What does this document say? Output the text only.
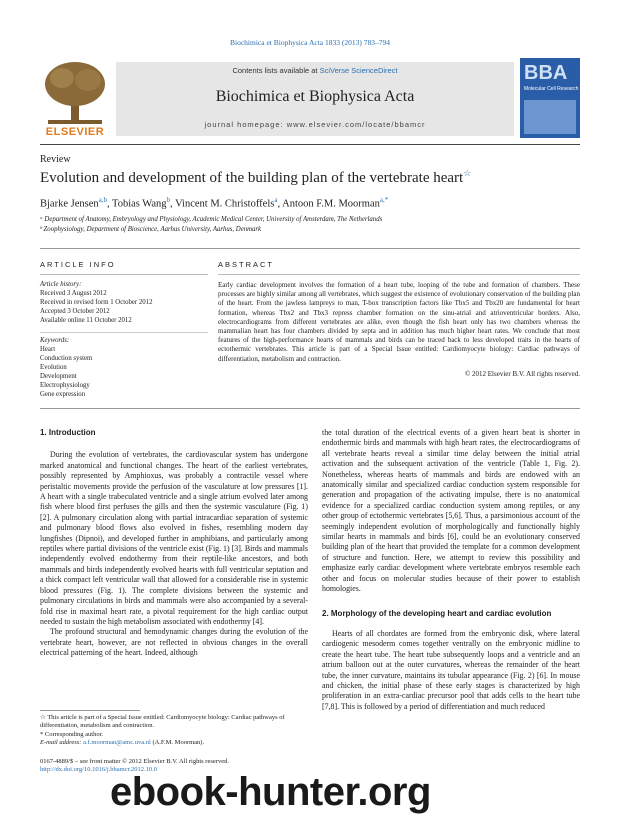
Biochimica et Biophysica Acta 1833 (2013) 783–794
ELSEVIER
Contents lists available at SciVerse ScienceDirect
Biochimica et Biophysica Acta
journal homepage: www.elsevier.com/locate/bbamcr
BBA
Molecular Cell Research
Review
Evolution and development of the building plan of the vertebrate heart☆
Bjarke Jensen$^{a,b}$, Tobias Wang$^b$, Vincent M. Christoffels$^a$, Antoon F.M. Moorman$^{a,*}$
ᵃ Department of Anatomy, Embryology and Physiology, Academic Medical Center, University of Amsterdam, The Netherlands
ᵇ Zoophysiology, Department of Bioscience, Aarhus University, Aarhus, Denmark
ARTICLE INFO	ABSTRACT
Article history:
Received 3 August 2012
Received in revised form 1 October 2012
Accepted 3 October 2012
Available online 11 October 2012
Keywords:
Heart
Conduction system
Evolution
Development
Electrophysiology
Gene expression
Early cardiac development involves the formation of a heart tube, looping of the tube and formation of chambers. These processes are highly similar among all vertebrates, which suggest the existence of evolutionary conservation of the building plan of the heart. From the jawless lampreys to man, T-box transcription factors like Tbx5 and Tbx20 are fundamental for heart formation, whereas Tbx2 and Tbx3 repress chamber formation on the sinu-atrial and atrioventricular borders. Also, electrocardiograms from different vertebrates are alike, even though the fish heart only has two chambers whereas the mammalian heart has four chambers divided by septa and in addition has much higher heart rates. We conclude that most features of the high-performance hearts of mammals and birds can be traced back to less developed traits in the hearts of ectothermic vertebrates. This article is part of a Special Issue entitled: Cardiomyocyte biology: Cardiac pathways of differentiation, metabolism and contraction.
© 2012 Elsevier B.V. All rights reserved.
1. Introduction

During the evolution of vertebrates, the cardiovascular system has undergone marked anatomical and functional changes. The heart of the earliest vertebrates, possibly represented by Amphioxus, was probably a contractile vessel where peristaltic movements provide the perfusion of the vasculature at low pressures [1]. A heart with a single trabeculated ventricle and a single atrium evolved later among fish where blood first perfuses the gills and then the systemic vasculature (Fig. 1) [2]. A pulmonary circulation along with partial intracardiac separation of systemic and pulmonary blood flows also evolved in fishes, resembling modern day lungfishes (Dipnoi), and developed further in amphibians, and particularly among reptiles where partial divisions of the ventricle exist (Fig. 1) [3]. Birds and mammals independently evolved endothermy from their reptile-like ancestors, and both mammals and birds independently evolved hearts with full ventricular septation and a thick compact left ventricular wall that allowed for a considerable rise in systemic blood pressures (Fig. 1). The complete divisions between the systemic and pulmonary circulations in birds and mammals were also accompanied by a several-fold rise in maximal heart rate, a pivotal requirement for the high cardiac output needed to sustain the high metabolism associated with endothermy [4].

The profound structural and hemodynamic changes during the evolution of the vertebrate heart, however, are not reflected in obvious changes in the overall electrical patterning of the heart. Indeed, although

the total duration of the electrical events of a given heart beat is shorter in endothermic birds and mammals with high heart rates, the electrocardiograms of all vertebrate hearts reveal a similar time delay between the initial atrial activation and the subsequent activation of the ventricle (Table 1, Fig. 2). Nonetheless, whereas hearts of mammals and birds are endowed with an anatomically similar and specialized cardiac conduction system responsible for generation and propagation of the activating impulse, there is no anatomical evidence for a specialized cardiac conduction system among reptiles, or any other group of ectothermic vertebrates [5,6]. Thus, a parsimonious account of the seemingly independent evolution of morphologically and functionally highly similar hearts in mammals and birds [6], could be an evolutionary conserved building plan of the heart that provided the template for a common development of structure and function. Here, we attempt to review this possibility and emphasize early cardiac development where vertebrate embryos resemble each other and focus on molecular studies because of their power to establish homologies.

2. Morphology of the developing heart and cardiac evolution

Hearts of all chordates are formed from the embryonic disk, where lateral cardiogenic mesoderm comes together ventrally on the embryonic midline to create the heart tube. The heart tube subsequently loops and a ventricle and an atrium balloon out at the outer curvatures, whereas the remainder of the heart tube, the inner curvature, maintains its tubular appearance (Fig. 2) [6]. In mouse and chicken, the initial phase of these early stages is characterized by high proliferation in an extra-cardiac precursor pool that adds cells to the heart tube [7,8]. This is followed by a period of differentiation and much reduced

☆ This article is part of a Special Issue entitled: Cardiomyocyte biology: Cardiac pathways of differentiation, metabolism and contraction.
* Corresponding author.
E-mail address: a.f.moorman@amc.uva.nl (A.F.M. Moorman).
0167-4889/$ – see front matter © 2012 Elsevier B.V. All rights reserved.
http://dx.doi.org/10.1016/j.bbamcr.2012.10.0
ebook-hunter.org
